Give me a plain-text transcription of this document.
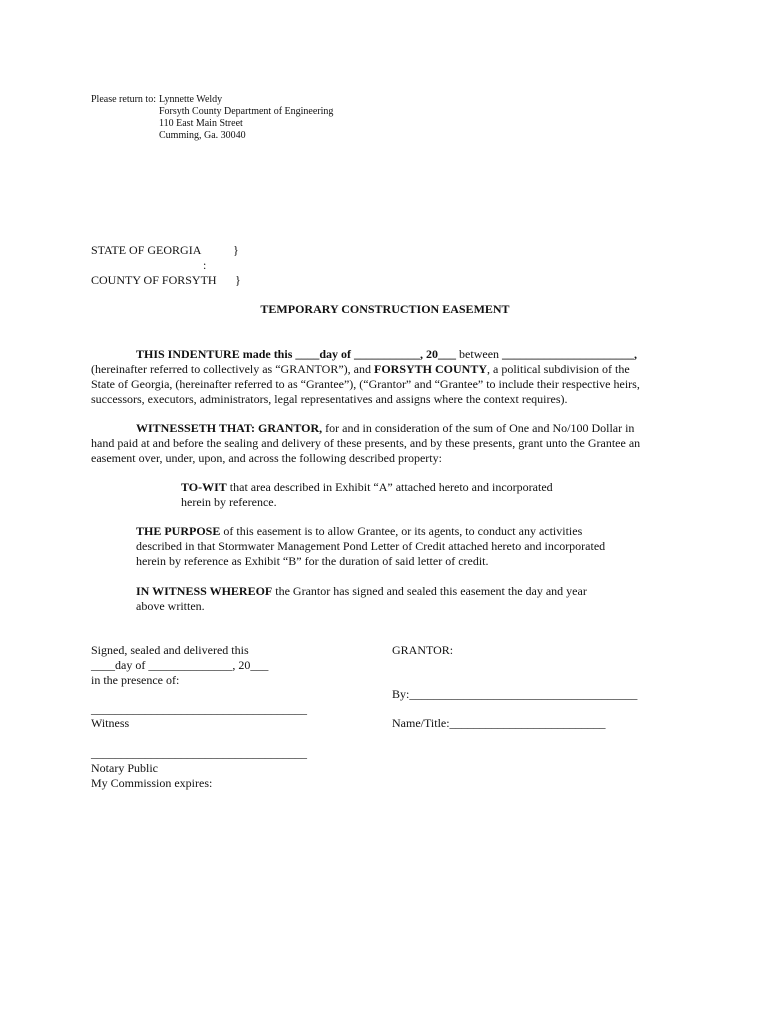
Please return to: Lynnette Weldy
Forsyth County Department of Engineering
110 East Main Street
Cumming, Ga. 30040
STATE OF GEORGIA	}
:
COUNTY OF FORSYTH }
TEMPORARY CONSTRUCTION EASEMENT
THIS INDENTURE made this ____day of ___________, 20___ between ______________________,
(hereinafter referred to collectively as “GRANTOR”), and FORSYTH COUNTY, a political subdivision of the
State of Georgia, (hereinafter referred to as “Grantee”), (“Grantor” and “Grantee” to include their respective heirs,
successors, executors, administrators, legal representatives and assigns where the context requires).
WITNESSETH THAT: GRANTOR, for and in consideration of the sum of One and No/100 Dollar in
hand paid at and before the sealing and delivery of these presents, and by these presents, grant unto the Grantee an
easement over, under, upon, and across the following described property:
TO-WIT that area described in Exhibit “A” attached hereto and incorporated
herein by reference.
THE PURPOSE of this easement is to allow Grantee, or its agents, to conduct any activities
described in that Stormwater Management Pond Letter of Credit attached hereto and incorporated
herein by reference as Exhibit “B” for the duration of said letter of credit.
IN WITNESS WHEREOF the Grantor has signed and sealed this easement the day and year
above written.
Signed, sealed and delivered this
____day of ______________, 20___
in the presence of:
____________________________________
Witness
____________________________________
Notary Public
My Commission expires:
GRANTOR:
By:______________________________________
Name/Title:__________________________
